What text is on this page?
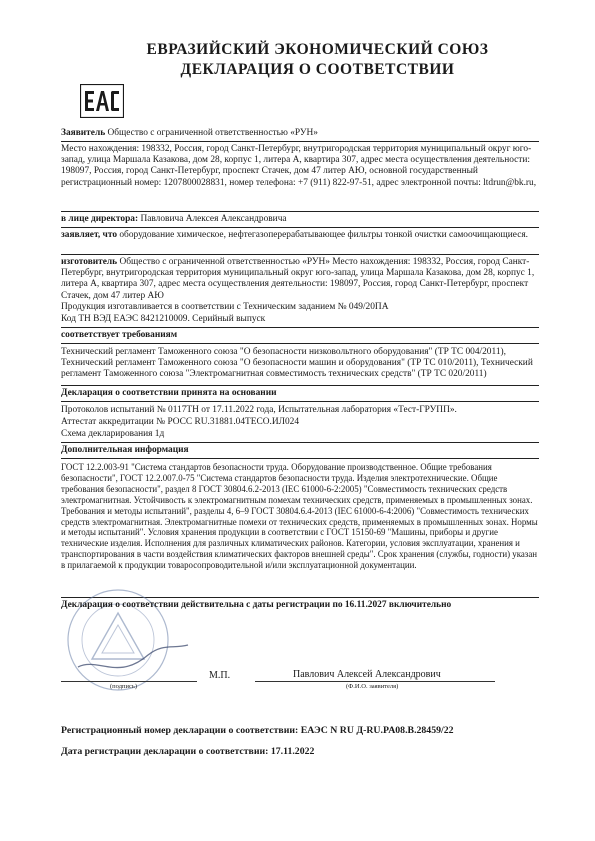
ЕВРАЗИЙСКИЙ ЭКОНОМИЧЕСКИЙ СОЮЗ
ДЕКЛАРАЦИЯ О СООТВЕТСТВИИ
Заявитель Общество с ограниченной ответственностью «РУН»
Место нахождения: 198332, Россия, город Санкт-Петербург, внутригородская территория муниципальный округ юго-запад, улица Маршала Казакова, дом 28, корпус 1, литера А, квартира 307, адрес места осуществления деятельности: 198097, Россия, город Санкт-Петербург, проспект Стачек, дом 47 литер АЮ, основной государственный регистрационный номер: 1207800028831, номер телефона: +7 (911) 822-97-51, адрес электронной почты: ltdrun@bk.ru,
в лице директора: Павловича Алексея Александровича
заявляет, что оборудование химическое, нефтегазоперерабатывающее фильтры тонкой очистки самоочищающиеся.
изготовитель Общество с ограниченной ответственностью «РУН» Место нахождения: 198332, Россия, город Санкт-Петербург, внутригородская территория муниципальный округ юго-запад, улица Маршала Казакова, дом 28, корпус 1, литера А, квартира 307, адрес места осуществления деятельности: 198097, Россия, город Санкт-Петербург, проспект Стачек, дом 47 литер АЮ
Продукция изготавливается в соответствии с Техническим заданием № 049/20ПА
Код ТН ВЭД ЕАЭС 8421210009. Серийный выпуск
соответствует требованиям
Технический регламент Таможенного союза "О безопасности низковольтного оборудования" (ТР ТС 004/2011), Технический регламент Таможенного союза "О безопасности машин и оборудования" (ТР ТС 010/2011), Технический регламент Таможенного союза "Электромагнитная совместимость технических средств" (ТР ТС 020/2011)
Декларация о соответствии принята на основании
Протоколов испытаний № 0117ТН от 17.11.2022 года, Испытательная лаборатория «Тест-ГРУПП».
Аттестат аккредитации № РОСС RU.31881.04ТЕСО.ИЛ024
Схема декларирования 1д
Дополнительная информация
ГОСТ 12.2.003-91 "Система стандартов безопасности труда. Оборудование производственное. Общие требования безопасности", ГОСТ 12.2.007.0-75 "Система стандартов безопасности труда. Изделия электротехнические. Общие требования безопасности", раздел 8 ГОСТ 30804.6.2-2013 (IEC 61000-6-2:2005) "Совместимость технических средств электромагнитная. Устойчивость к электромагнитным помехам технических средств, применяемых в промышленных зонах. Требования и методы испытаний", разделы 4, 6–9 ГОСТ 30804.6.4-2013 (IEC 61000-6-4:2006) "Совместимость технических средств электромагнитная. Электромагнитные помехи от технических средств, применяемых в промышленных зонах. Нормы и методы испытаний". Условия хранения продукции в соответствии с ГОСТ 15150-69 "Машины, приборы и другие технические изделия. Исполнения для различных климатических районов. Категории, условия эксплуатации, хранения и транспортирования в части воздействия климатических факторов внешней среды". Срок хранения (службы, годности) указан в прилагаемой к продукции товаросопроводительной и/или эксплуатационной документации.
Декларация о соответствии действительна с даты регистрации по 16.11.2027 включительно
М.П.
(подпись)
Павлович Алексей Александрович
(Ф.И.О. заявителя)
Регистрационный номер декларации о соответствии: ЕАЭС N RU Д-RU.PA08.B.28459/22
Дата регистрации декларации о соответствии: 17.11.2022
